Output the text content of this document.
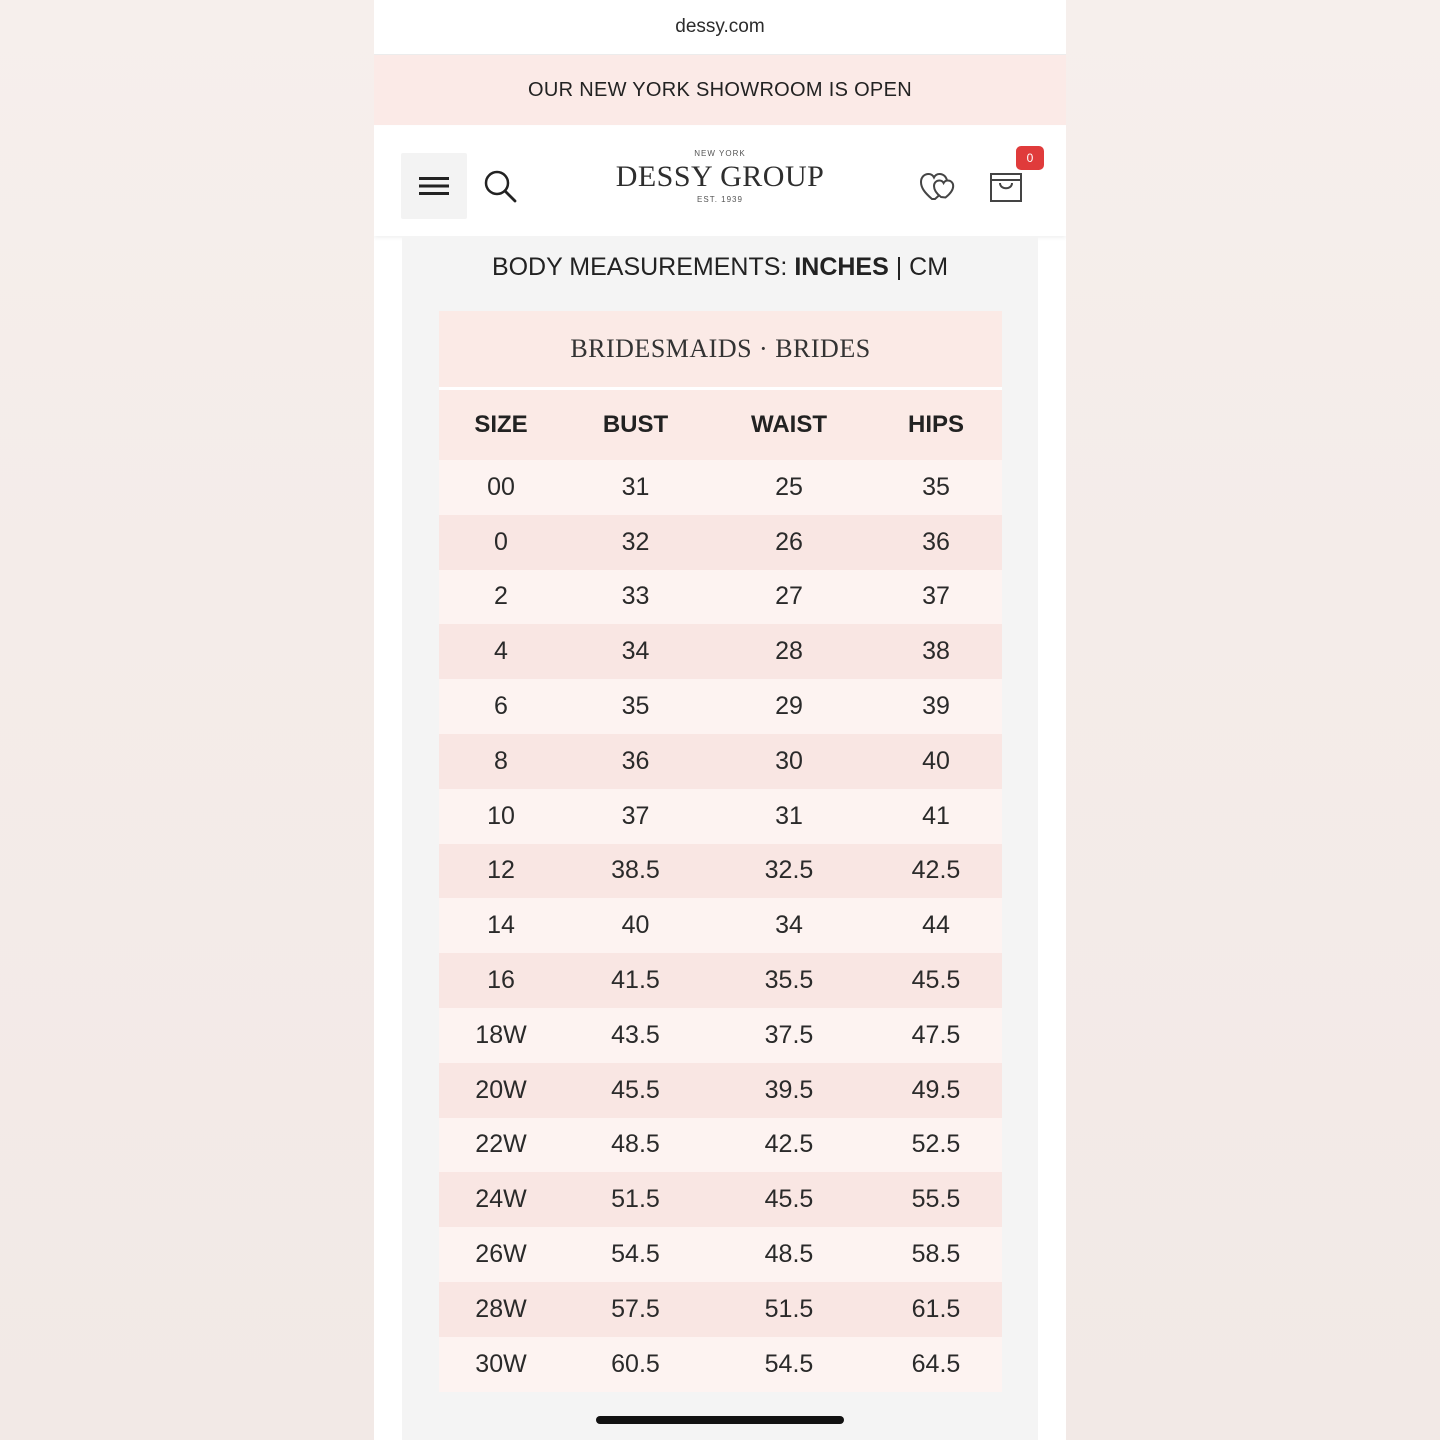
dessy.com
OUR NEW YORK SHOWROOM IS OPEN
NEW YORK
DESSY GROUP
EST. 1939
0
BODY MEASUREMENTS: INCHES | CM
BRIDESMAIDS · BRIDES
SIZE	BUST	WAIST	HIPS
00	31	25	35
0	32	26	36
2	33	27	37
4	34	28	38
6	35	29	39
8	36	30	40
10	37	31	41
12	38.5	32.5	42.5
14	40	34	44
16	41.5	35.5	45.5
18W	43.5	37.5	47.5
20W	45.5	39.5	49.5
22W	48.5	42.5	52.5
24W	51.5	45.5	55.5
26W	54.5	48.5	58.5
28W	57.5	51.5	61.5
30W	60.5	54.5	64.5
